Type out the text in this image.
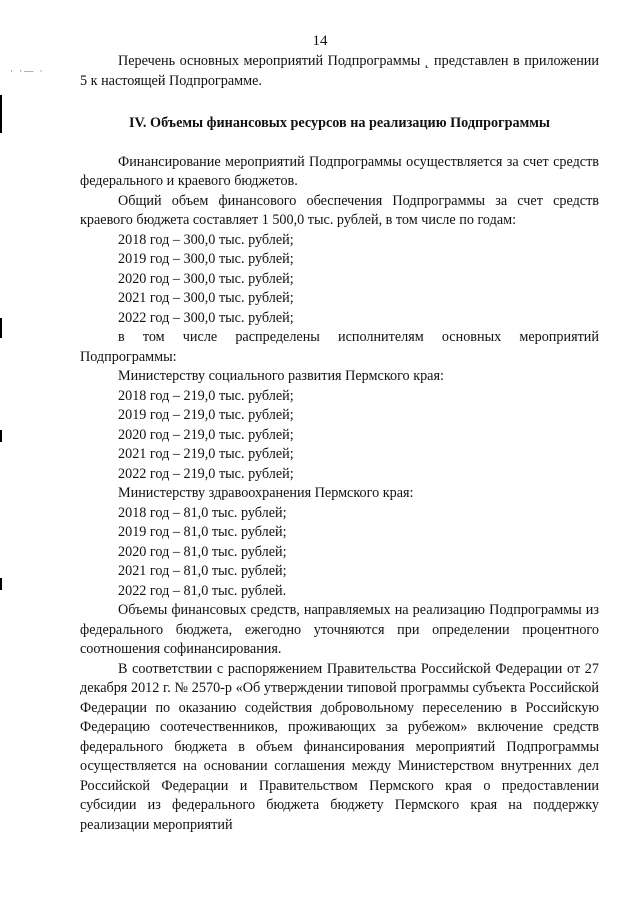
14
· ·— ·

Перечень основных мероприятий Подпрограммы ˛ представлен в приложении 5 к настоящей Подпрограмме.

IV. Объемы финансовых ресурсов на реализацию Подпрограммы

Финансирование мероприятий Подпрограммы осуществляется за счет средств федерального и краевого бюджетов.

Общий объем финансового обеспечения Подпрограммы за счет средств краевого бюджета составляет 1 500,0 тыс. рублей, в том числе по годам:

2018 год – 300,0 тыс. рублей;
2019 год – 300,0 тыс. рублей;
2020 год – 300,0 тыс. рублей;
2021 год – 300,0 тыс. рублей;
2022 год – 300,0 тыс. рублей;

в том числе распределены исполнителям основных мероприятий

Подпрограммы:

Министерству социального развития Пермского края:
2018 год – 219,0 тыс. рублей;
2019 год – 219,0 тыс. рублей;
2020 год – 219,0 тыс. рублей;
2021 год – 219,0 тыс. рублей;
2022 год – 219,0 тыс. рублей;
Министерству здравоохранения Пермского края:
2018 год – 81,0 тыс. рублей;
2019 год – 81,0 тыс. рублей;
2020 год – 81,0 тыс. рублей;
2021 год – 81,0 тыс. рублей;
2022 год – 81,0 тыс. рублей.

Объемы финансовых средств, направляемых на реализацию Подпрограммы из федерального бюджета, ежегодно уточняются при определении процентного соотношения софинансирования.

В соответствии с распоряжением Правительства Российской Федерации от 27 декабря 2012 г. № 2570-р «Об утверждении типовой программы субъекта Российской Федерации по оказанию содействия добровольному переселению в Российскую Федерацию соотечественников, проживающих за рубежом» включение средств федерального бюджета в объем финансирования мероприятий Подпрограммы осуществляется на основании соглашения между Министерством внутренних дел Российской Федерации и Правительством Пермского края о предоставлении субсидии из федерального бюджета бюджету Пермского края на поддержку реализации мероприятий
